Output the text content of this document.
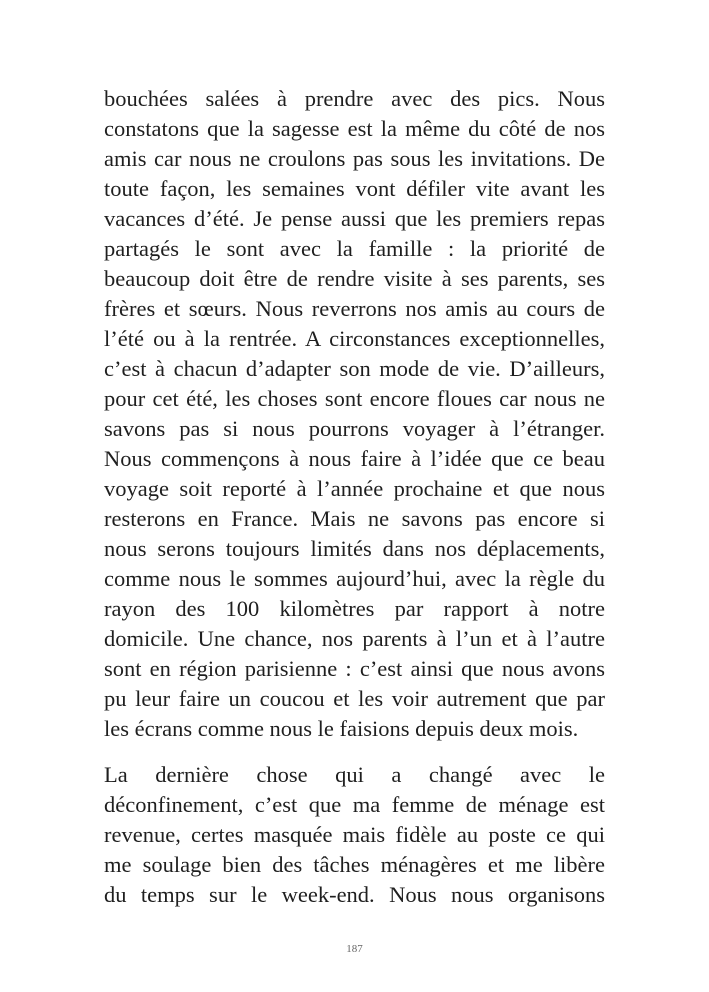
bouchées salées à prendre avec des pics. Nous
constatons que la sagesse est la même du côté de nos
amis car nous ne croulons pas sous les invitations. De
toute façon, les semaines vont défiler vite avant les
vacances d’été. Je pense aussi que les premiers repas
partagés le sont avec la famille : la priorité de
beaucoup doit être de rendre visite à ses parents, ses
frères et sœurs. Nous reverrons nos amis au cours de
l’été ou à la rentrée. A circonstances exceptionnelles,
c’est à chacun d’adapter son mode de vie. D’ailleurs,
pour cet été, les choses sont encore floues car nous ne
savons pas si nous pourrons voyager à l’étranger.
Nous commençons à nous faire à l’idée que ce beau
voyage soit reporté à l’année prochaine et que nous
resterons en France. Mais ne savons pas encore si
nous serons toujours limités dans nos déplacements,
comme nous le sommes aujourd’hui, avec la règle du
rayon des 100 kilomètres par rapport à notre
domicile. Une chance, nos parents à l’un et à l’autre
sont en région parisienne : c’est ainsi que nous avons
pu leur faire un coucou et les voir autrement que par
les écrans comme nous le faisions depuis deux mois.
La dernière chose qui a changé avec le
déconfinement, c’est que ma femme de ménage est
revenue, certes masquée mais fidèle au poste ce qui
me soulage bien des tâches ménagères et me libère
du temps sur le week-end. Nous nous organisons
187
